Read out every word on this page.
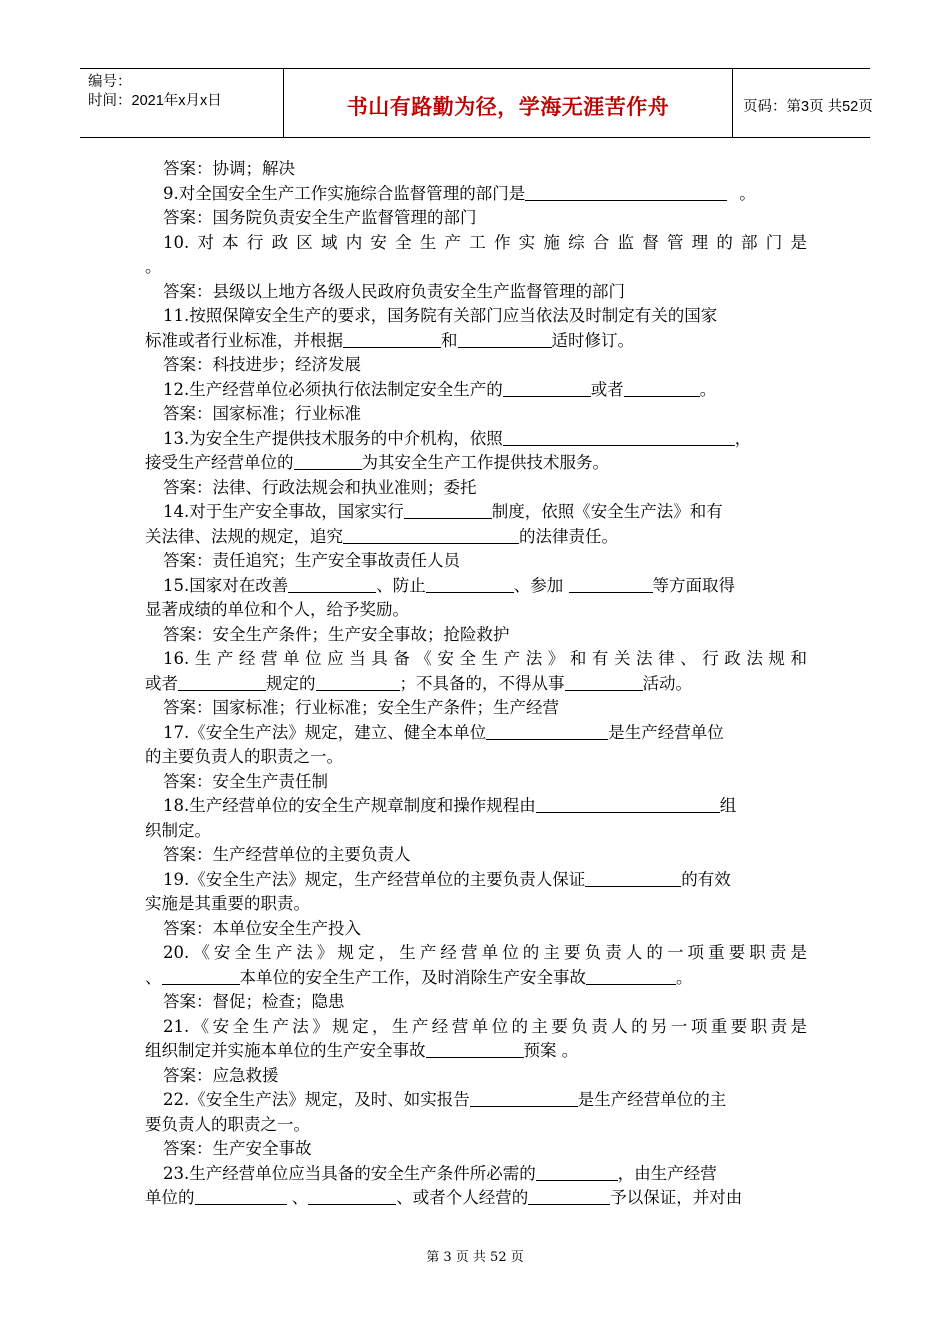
编号：
时间：2021年x月x日	书山有路勤为径，学海无涯苦作舟	页码：第3页 共52页
答案：协调；解决
9.对全国安全生产工作实施综合监督管理的部门是	。
答案：国务院负责安全生产监督管理的部门
10.对本行政区域内安全生产工作实施综合监督管理的部门是
。
答案：县级以上地方各级人民政府负责安全生产监督管理的部门
11.按照保障安全生产的要求，国务院有关部门应当依法及时制定有关的国家
标准或者行业标准，并根据	和	适时修订。
答案：科技进步；经济发展
12.生产经营单位必须执行依法制定安全生产的	或者	。
答案：国家标准；行业标准
13.为安全生产提供技术服务的中介机构，依照	，
接受生产经营单位的	为其安全生产工作提供技术服务。
答案：法律、行政法规会和执业准则；委托
14.对于生产安全事故，国家实行	制度，依照《安全生产法》和有
关法律、法规的规定，追究	的法律责任。
答案：责任追究；生产安全事故责任人员
15.国家对在改善	、防止	、参加	等方面取得
显著成绩的单位和个人，给予奖励。
答案：安全生产条件；生产安全事故；抢险救护
16.生产经营单位应当具备《安全生产法》和有关法律、行政法规和
或者	规定的	；不具备的，不得从事	活动。
答案：国家标准；行业标准；安全生产条件；生产经营
17.《安全生产法》规定，建立、健全本单位	是生产经营单位
的主要负责人的职责之一。
答案：安全生产责任制
18.生产经营单位的安全生产规章制度和操作规程由	组
织制定。
答案：生产经营单位的主要负责人
19.《安全生产法》规定，生产经营单位的主要负责人保证	的有效
实施是其重要的职责。
答案：本单位安全生产投入
20.《安全生产法》规定，生产经营单位的主要负责人的一项重要职责是
、	本单位的安全生产工作，及时消除生产安全事故	。
答案：督促；检查；隐患
21.《安全生产法》规定，生产经营单位的主要负责人的另一项重要职责是
组织制定并实施本单位的生产安全事故	预案 。
答案：应急救援
22.《安全生产法》规定，及时、如实报告	是生产经营单位的主
要负责人的职责之一。
答案：生产安全事故
23.生产经营单位应当具备的安全生产条件所必需的	，由生产经营
单位的	、	、或者个人经营的	予以保证，并对由
第 3 页 共 52 页
